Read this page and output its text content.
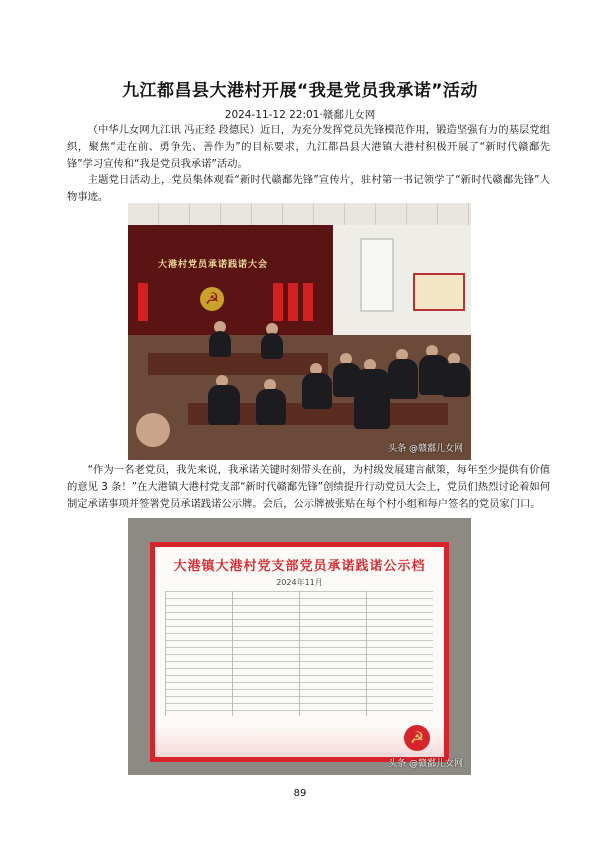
九江都昌县大港村开展“我是党员我承诺”活动
2024-11-12 22:01·赣鄱儿女网
（中华儿女网九江讯 冯正经 段德民）近日，为充分发挥党员先锋模范作用，锻造坚强有力的基层党组织，聚焦“走在前、勇争先、善作为”的目标要求，九江都昌县大港镇大港村积极开展了“新时代赣鄱先锋”学习宣传和“我是党员我承诺”活动。
主题党日活动上，党员集体观看“新时代赣鄱先锋”宣传片，驻村第一书记领学了“新时代赣鄱先锋”人物事迹。
大港村党员承诺践诺大会
☭
头条 @赣鄱儿女网
“作为一名老党员，我先来说，我承诺关键时刻带头在前，为村级发展建言献策，每年至少提供有价值的意见 3 条！”在大港镇大港村党支部“新时代赣鄱先锋”创绩提升行动党员大会上，党员们热烈讨论着如何制定承诺事项并签署党员承诺践诺公示牌。会后，公示牌被张贴在每个村小组和每户签名的党员家门口。
大港镇大港村党支部党员承诺践诺公示档
2024年11月
☭
头条 @赣鄱儿女网
89
